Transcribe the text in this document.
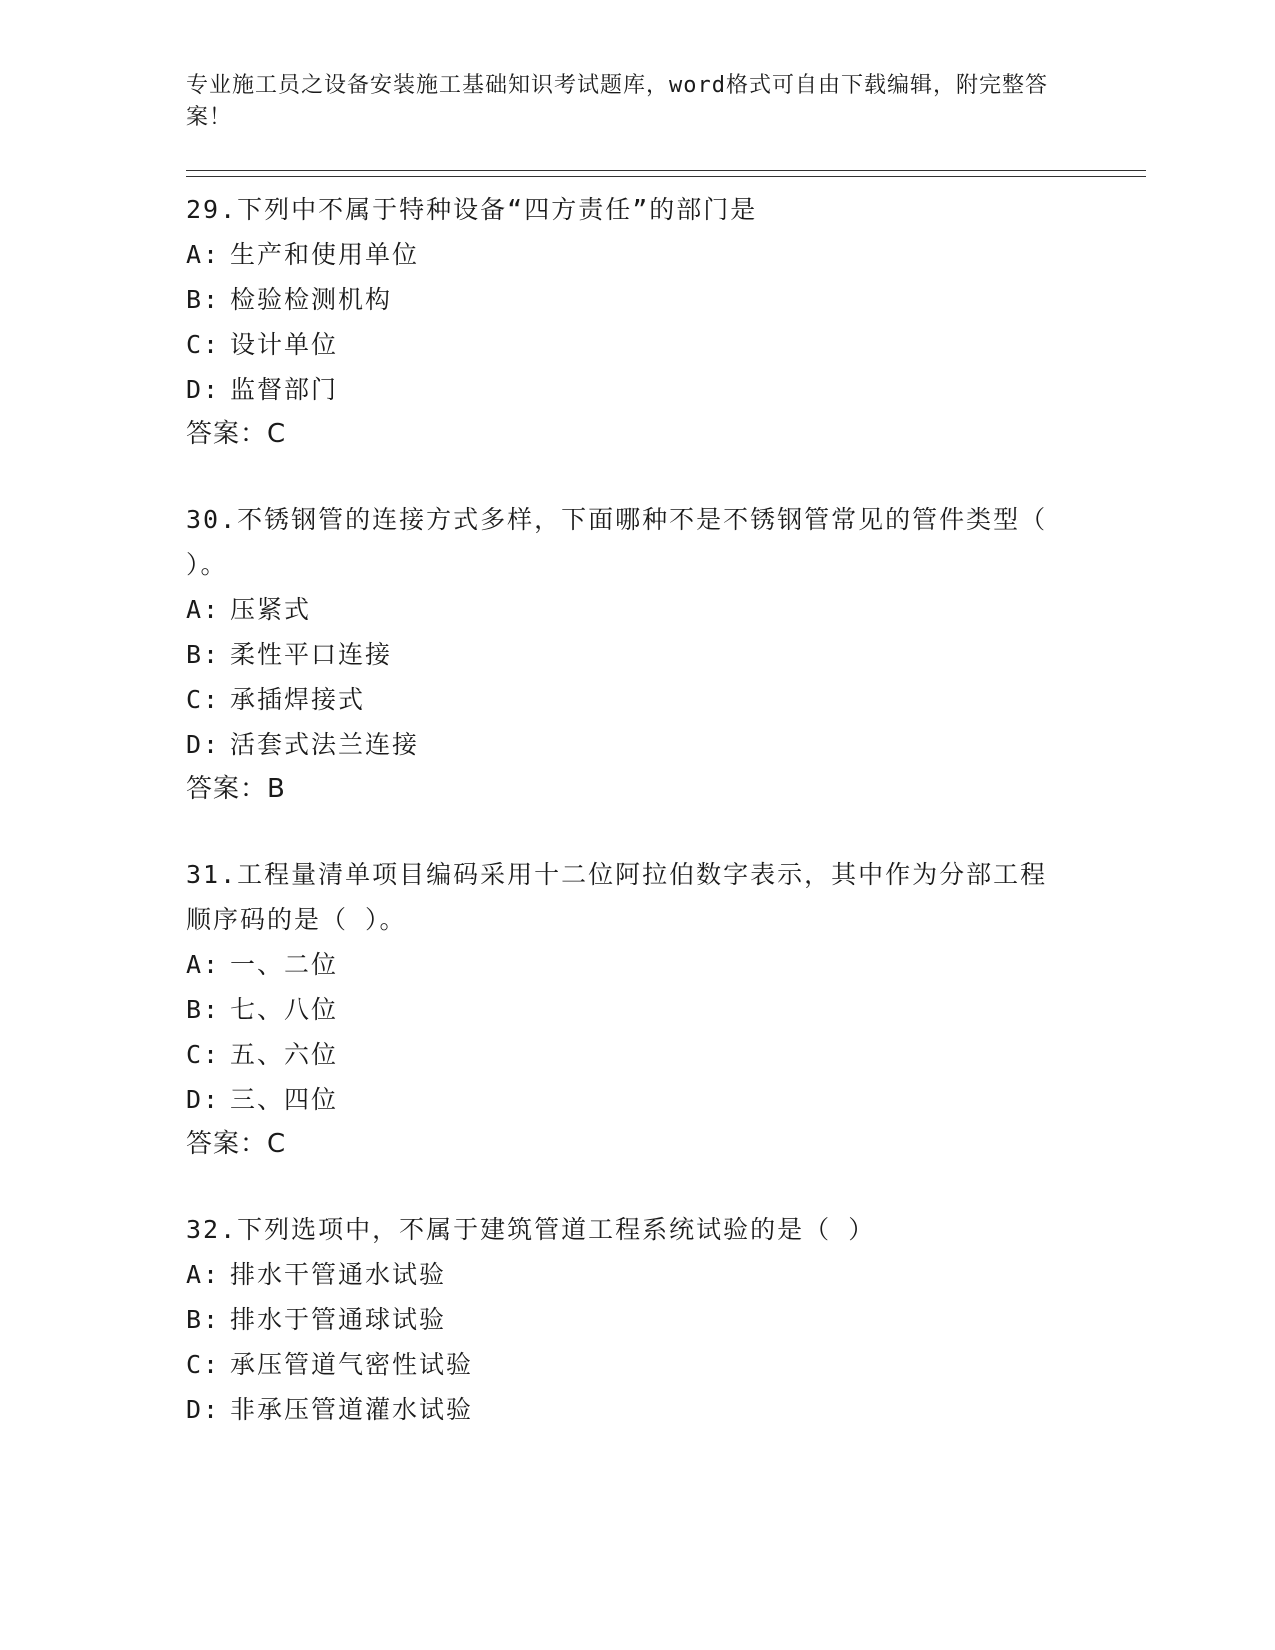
专业施工员之设备安装施工基础知识考试题库，word格式可自由下载编辑，附完整答案！

29.下列中不属于特种设备“四方责任”的部门是

A: 生产和使用单位

B: 检验检测机构

C: 设计单位

D: 监督部门

答案：C

30.不锈钢管的连接方式多样，下面哪种不是不锈钢管常见的管件类型（ ）。

A: 压紧式

B: 柔性平口连接

C: 承插焊接式

D: 活套式法兰连接

答案：B

31.工程量清单项目编码采用十二位阿拉伯数字表示，其中作为分部工程顺序码的是（ ）。

A: 一、二位

B: 七、八位

C: 五、六位

D: 三、四位

答案：C

32.下列选项中，不属于建筑管道工程系统试验的是（ ）

A: 排水干管通水试验

B: 排水于管通球试验

C: 承压管道气密性试验

D: 非承压管道灌水试验
